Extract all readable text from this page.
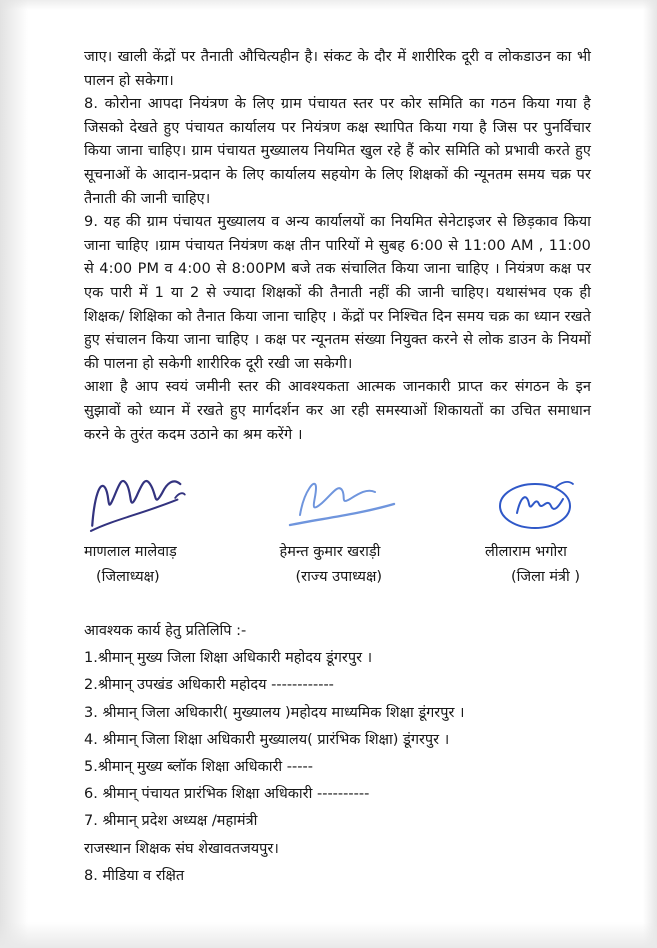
जाए। खाली केंद्रों पर तैनाती औचित्यहीन है। संकट के दौर में शारीरिक दूरी व लोकडाउन का भी पालन हो सकेगा।

8. कोरोना आपदा नियंत्रण के लिए ग्राम पंचायत स्तर पर कोर समिति का गठन किया गया है जिसको देखते हुए पंचायत कार्यालय पर नियंत्रण कक्ष स्थापित किया गया है जिस पर पुनर्विचार किया जाना चाहिए। ग्राम पंचायत मुख्यालय नियमित खुल रहे हैं कोर समिति को प्रभावी करते हुए सूचनाओं के आदान-प्रदान के लिए कार्यालय सहयोग के लिए शिक्षकों की न्यूनतम समय चक्र पर तैनाती की जानी चाहिए।

9. यह की ग्राम पंचायत मुख्यालय व अन्य कार्यालयों का नियमित सेनेटाइजर से छिड़काव किया जाना चाहिए ।ग्राम पंचायत नियंत्रण कक्ष तीन पारियों मे सुबह 6:00 से 11:00 AM , 11:00 से 4:00 PM व 4:00 से 8:00PM बजे तक संचालित किया जाना चाहिए । नियंत्रण कक्ष पर एक पारी में 1 या 2 से ज्यादा शिक्षकों की तैनाती नहीं की जानी चाहिए। यथासंभव एक ही शिक्षक/ शिक्षिका को तैनात किया जाना चाहिए । केंद्रों पर निश्चित दिन समय चक्र का ध्यान रखते हुए संचालन किया जाना चाहिए । कक्ष पर न्यूनतम संख्या नियुक्त करने से लोक डाउन के नियमों की पालना हो सकेगी शारीरिक दूरी रखी जा सकेगी।

आशा है आप स्वयं जमीनी स्तर की आवश्यकता आत्मक जानकारी प्राप्त कर संगठन के इन सुझावों को ध्यान में रखते हुए मार्गदर्शन कर आ रही समस्याओं शिकायतों का उचित समाधान करने के तुरंत कदम उठाने का श्रम करेंगे ।

माणलाल मालेवाड़
(जिलाध्यक्ष)
हेमन्त कुमार खराड़ी
(राज्य उपाध्यक्ष)
लीलाराम भगोरा
(जिला मंत्री )

आवश्यक कार्य हेतु प्रतिलिपि :-

1.श्रीमान् मुख्य जिला शिक्षा अधिकारी महोदय डूंगरपुर ।

2.श्रीमान् उपखंड अधिकारी महोदय ------------

3. श्रीमान् जिला अधिकारी( मुख्यालय )महोदय माध्यमिक शिक्षा डूंगरपुर ।

4. श्रीमान् जिला शिक्षा अधिकारी मुख्यालय( प्रारंभिक शिक्षा) डूंगरपुर ।

5.श्रीमान् मुख्य ब्लॉक शिक्षा अधिकारी -----

6. श्रीमान् पंचायत प्रारंभिक शिक्षा अधिकारी ----------

7. श्रीमान् प्रदेश अध्यक्ष /महामंत्री

राजस्थान शिक्षक संघ शेखावतजयपुर।

8. मीडिया व रक्षित
